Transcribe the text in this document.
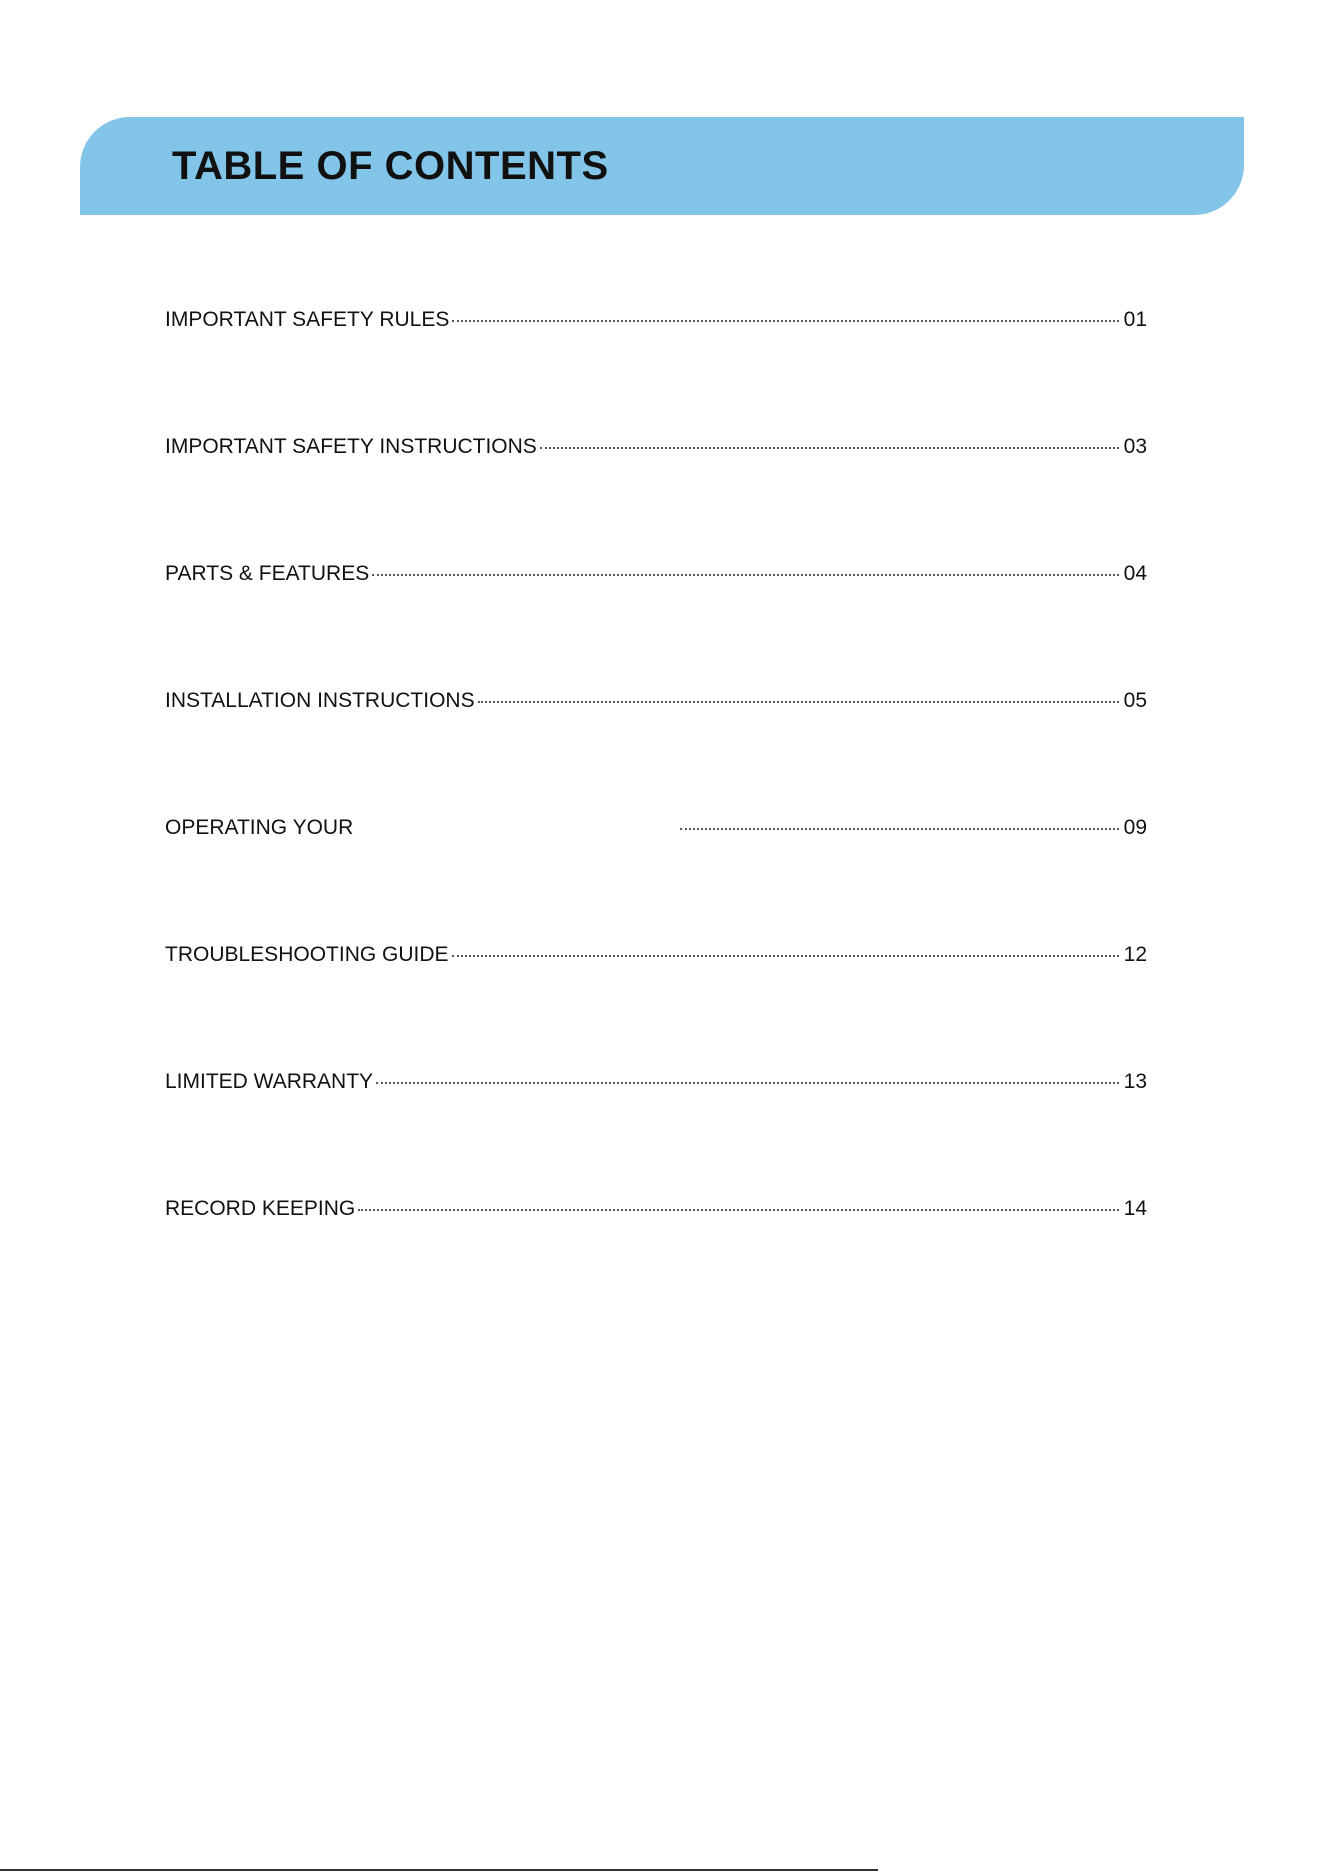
TABLE OF CONTENTS
IMPORTANT SAFETY RULES	01
IMPORTANT SAFETY INSTRUCTIONS	03
PARTS & FEATURES	04
INSTALLATION INSTRUCTIONS	05
OPERATING YOUR	09
TROUBLESHOOTING GUIDE	12
LIMITED WARRANTY	13
RECORD KEEPING	14
